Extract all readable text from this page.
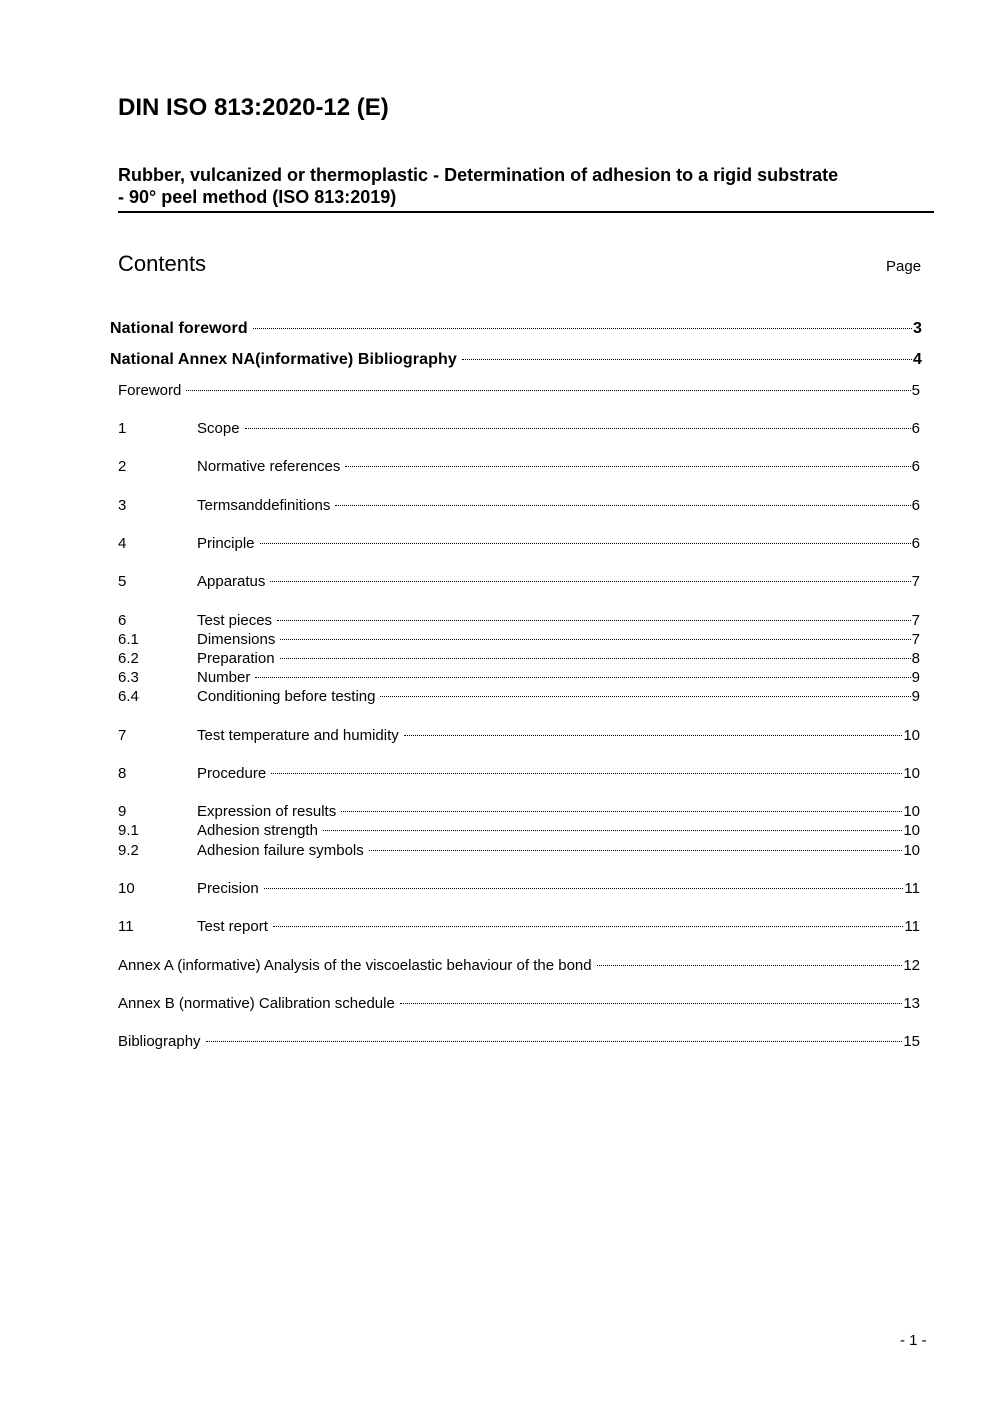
DIN ISO 813:2020-12 (E)
Rubber, vulcanized or thermoplastic - Determination of adhesion to a rigid substrate
- 90° peel method (ISO 813:2019)
Contents	Page
National foreword	3
National Annex NA(informative) Bibliography	4
Foreword	5
1	Scope	6
2	Normative references	6
3	Termsanddefinitions	6
4	Principle	6
5	Apparatus	7
6	Test pieces	7
6.1	Dimensions	7
6.2	Preparation	8
6.3	Number	9
6.4	Conditioning before testing	9
7	Test temperature and humidity	10
8	Procedure	10
9	Expression of results	10
9.1	Adhesion strength	10
9.2	Adhesion failure symbols	10
10	Precision	11
11	Test report	11
Annex A (informative) Analysis of the viscoelastic behaviour of the bond	12
Annex B (normative) Calibration schedule	13
Bibliography	15
- 1 -
